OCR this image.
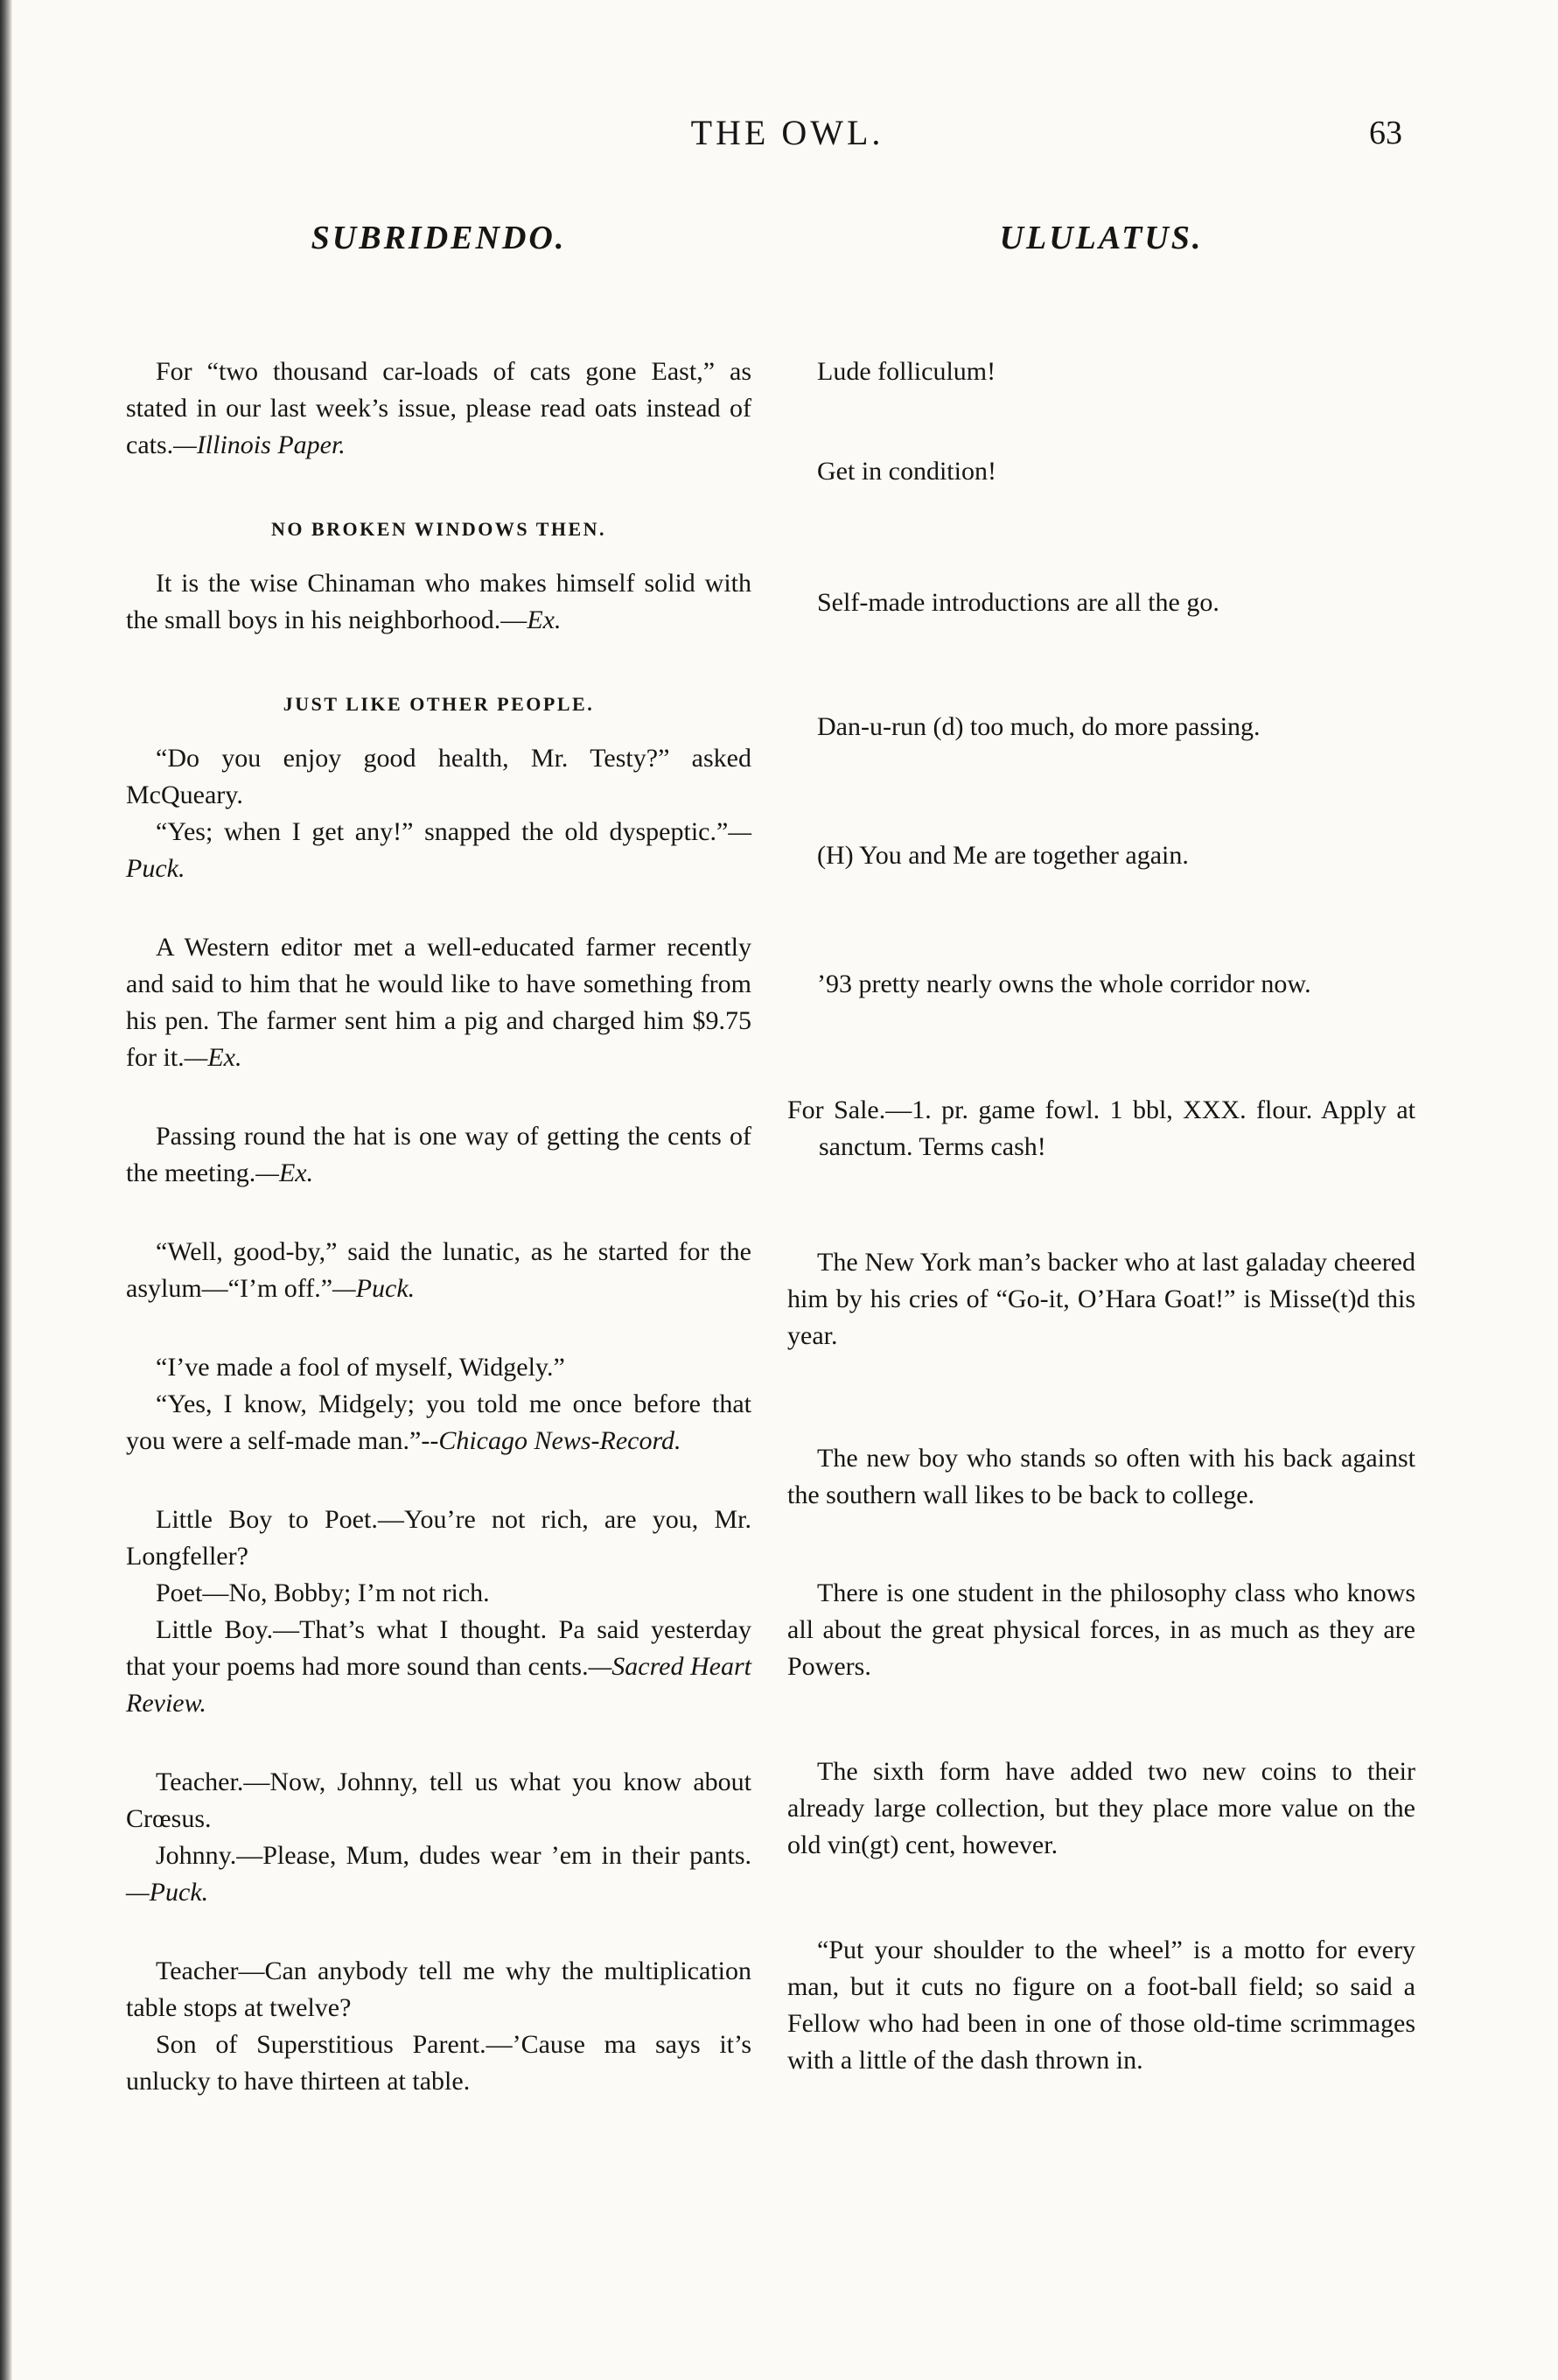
THE OWL.	63
SUBRIDENDO.

For “two thousand car-loads of cats gone East,” as stated in our last week’s issue, please read oats instead of cats.—Illinois Paper.

NO BROKEN WINDOWS THEN.

It is the wise Chinaman who makes himself solid with the small boys in his neighborhood.—Ex.

JUST LIKE OTHER PEOPLE.

“Do you enjoy good health, Mr. Testy?” asked McQueary.

“Yes; when I get any!” snapped the old dyspeptic.”—Puck.

A Western editor met a well-educated farmer recently and said to him that he would like to have something from his pen. The farmer sent him a pig and charged him $9.75 for it.—Ex.

Passing round the hat is one way of getting the cents of the meeting.—Ex.

“Well, good-by,” said the lunatic, as he started for the asylum—“I’m off.”—Puck.

“I’ve made a fool of myself, Widgely.”

“Yes, I know, Midgely; you told me once before that you were a self-made man.”--Chicago News-Record.

Little Boy to Poet.—You’re not rich, are you, Mr. Longfeller?

Poet—No, Bobby; I’m not rich.

Little Boy.—That’s what I thought. Pa said yesterday that your poems had more sound than cents.—Sacred Heart Review.

Teacher.—Now, Johnny, tell us what you know about Crœsus.

Johnny.—Please, Mum, dudes wear ’em in their pants.—Puck.

Teacher—Can anybody tell me why the multiplication table stops at twelve?

Son of Superstitious Parent.—’Cause ma says it’s unlucky to have thirteen at table.

ULULATUS.

Lude folliculum!

Get in condition!

Self-made introductions are all the go.

Dan-u-run (d) too much, do more passing.

(H) You and Me are together again.

’93 pretty nearly owns the whole corridor now.

For Sale.—1. pr. game fowl. 1 bbl, XXX. flour. Apply at sanctum. Terms cash!

The New York man’s backer who at last galaday cheered him by his cries of “Go-it, O’Hara Goat!” is Misse(t)d this year.

The new boy who stands so often with his back against the southern wall likes to be back to college.

There is one student in the philosophy class who knows all about the great physical forces, in as much as they are Powers.

The sixth form have added two new coins to their already large collection, but they place more value on the old vin(gt) cent, however.

“Put your shoulder to the wheel” is a motto for every man, but it cuts no figure on a foot-ball field; so said a Fellow who had been in one of those old-time scrimmages with a little of the dash thrown in.
